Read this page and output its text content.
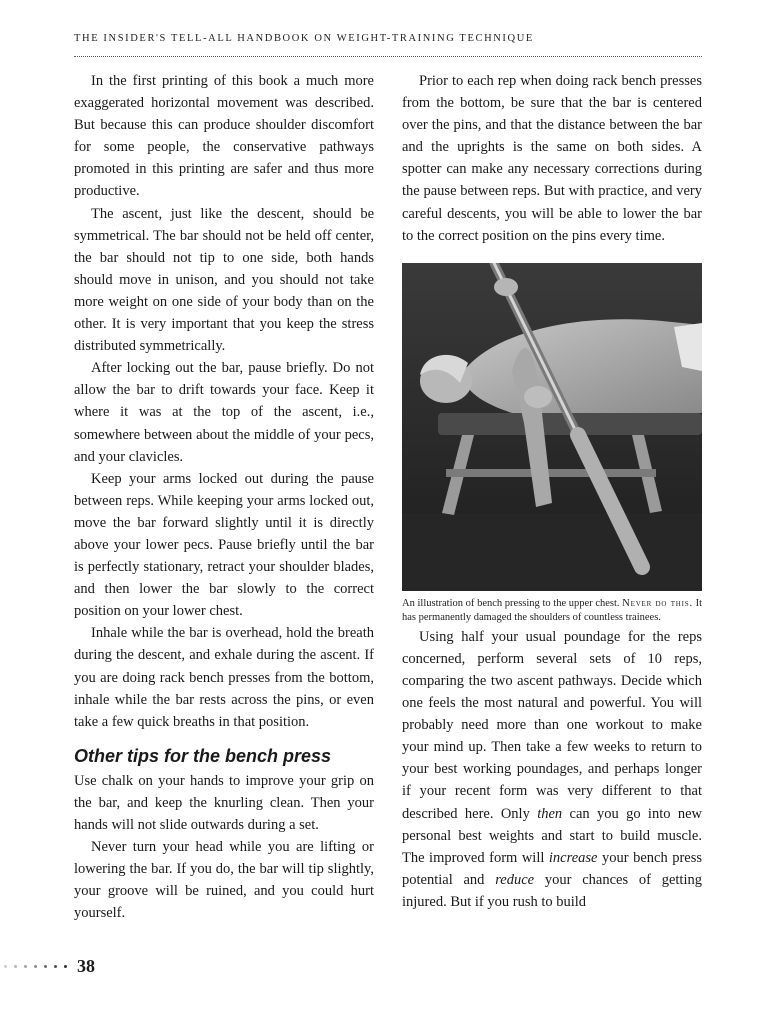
THE INSIDER'S TELL-ALL HANDBOOK ON WEIGHT-TRAINING TECHNIQUE

In the first printing of this book a much more exaggerated horizontal movement was described. But because this can produce shoulder discomfort for some people, the conservative pathways promoted in this printing are safer and thus more productive.

The ascent, just like the descent, should be symmetrical. The bar should not be held off center, the bar should not tip to one side, both hands should move in unison, and you should not take more weight on one side of your body than on the other. It is very important that you keep the stress distributed symmetrically.

After locking out the bar, pause briefly. Do not allow the bar to drift towards your face. Keep it where it was at the top of the ascent, i.e., somewhere between about the middle of your pecs, and your clavicles.

Keep your arms locked out during the pause between reps. While keeping your arms locked out, move the bar forward slightly until it is directly above your lower pecs. Pause briefly until the bar is perfectly stationary, retract your shoulder blades, and then lower the bar slowly to the correct position on your lower chest.

Inhale while the bar is overhead, hold the breath during the descent, and exhale during the ascent. If you are doing rack bench presses from the bottom, inhale while the bar rests across the pins, or even take a few quick breaths in that position.

Other tips for the bench press

Use chalk on your hands to improve your grip on the bar, and keep the knurling clean. Then your hands will not slide outwards during a set.

Never turn your head while you are lifting or lowering the bar. If you do, the bar will tip slightly, your groove will be ruined, and you could hurt yourself.

Prior to each rep when doing rack bench presses from the bottom, be sure that the bar is centered over the pins, and that the distance between the bar and the uprights is the same on both sides. A spotter can make any necessary corrections during the pause between reps. But with practice, and very careful descents, you will be able to lower the bar to the correct position on the pins every time.

An illustration of bench pressing to the upper chest. Never do this. It has permanently damaged the shoulders of countless trainees.

Using half your usual poundage for the reps concerned, perform several sets of 10 reps, comparing the two ascent pathways. Decide which one feels the most natural and powerful. You will probably need more than one workout to make your mind up. Then take a few weeks to return to your best working poundages, and perhaps longer if your recent form was very different to that described here. Only then can you go into new personal best weights and start to build muscle. The improved form will increase your bench press potential and reduce your chances of getting injured. But if you rush to build

38
